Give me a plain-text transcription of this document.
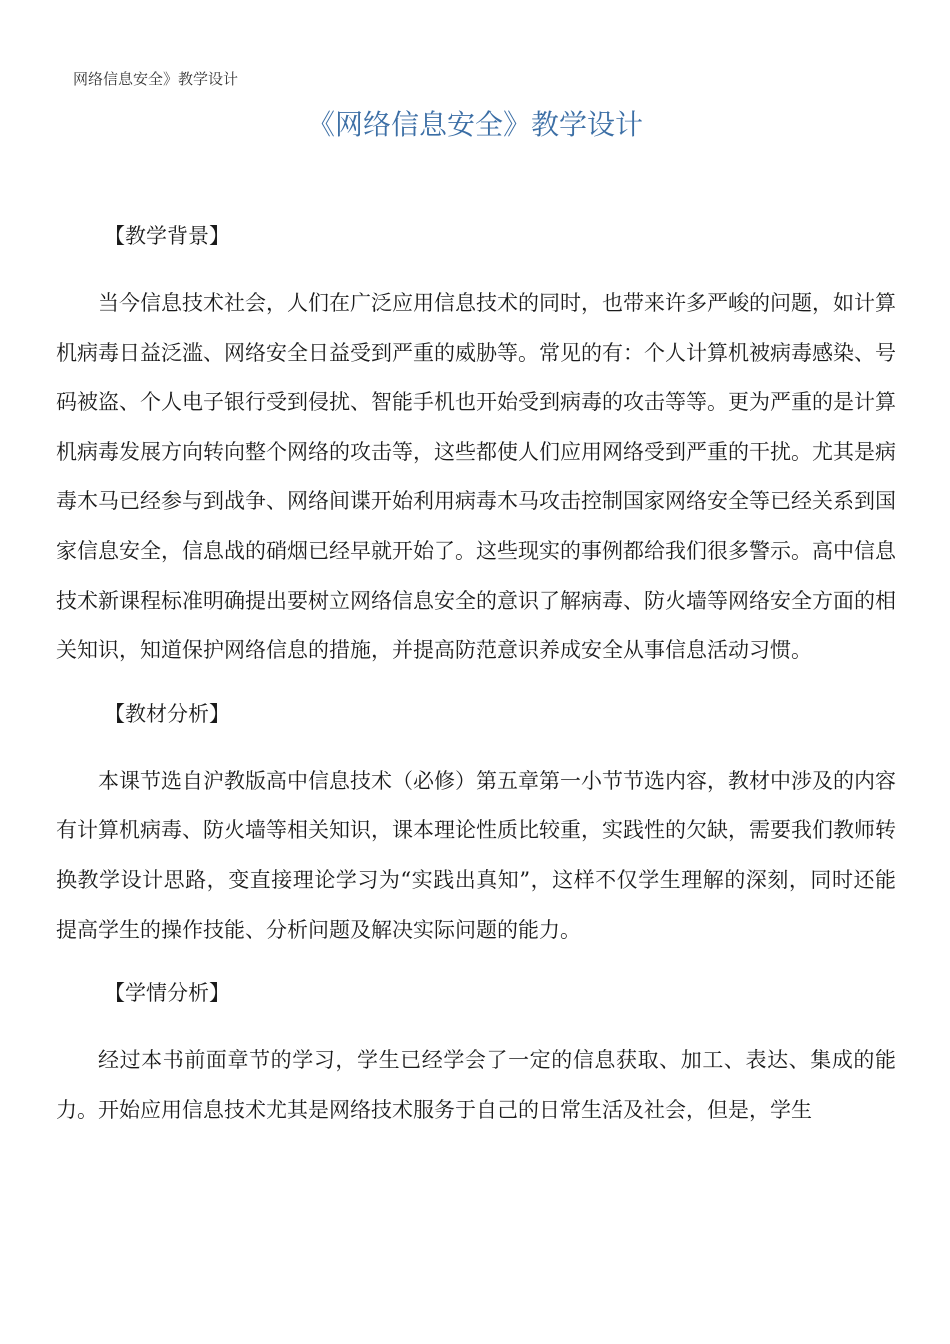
网络信息安全》教学设计
《网络信息安全》教学设计
【教学背景】

当今信息技术社会，人们在广泛应用信息技术的同时，也带来许多严峻的问题，如计算机病毒日益泛滥、网络安全日益受到严重的威胁等。常见的有：个人计算机被病毒感染、号码被盗、个人电子银行受到侵扰、智能手机也开始受到病毒的攻击等等。更为严重的是计算机病毒发展方向转向整个网络的攻击等，这些都使人们应用网络受到严重的干扰。尤其是病毒木马已经参与到战争、网络间谍开始利用病毒木马攻击控制国家网络安全等已经关系到国家信息安全，信息战的硝烟已经早就开始了。这些现实的事例都给我们很多警示。高中信息技术新课程标准明确提出要树立网络信息安全的意识了解病毒、防火墙等网络安全方面的相关知识，知道保护网络信息的措施，并提高防范意识养成安全从事信息活动习惯。

【教材分析】

本课节选自沪教版高中信息技术（必修）第五章第一小节节选内容，教材中涉及的内容有计算机病毒、防火墙等相关知识，课本理论性质比较重，实践性的欠缺，需要我们教师转换教学设计思路，变直接理论学习为“实践出真知”，这样不仅学生理解的深刻，同时还能提高学生的操作技能、分析问题及解决实际问题的能力。

【学情分析】

经过本书前面章节的学习，学生已经学会了一定的信息获取、加工、表达、集成的能力。开始应用信息技术尤其是网络技术服务于自己的日常生活及社会，但是，学生
